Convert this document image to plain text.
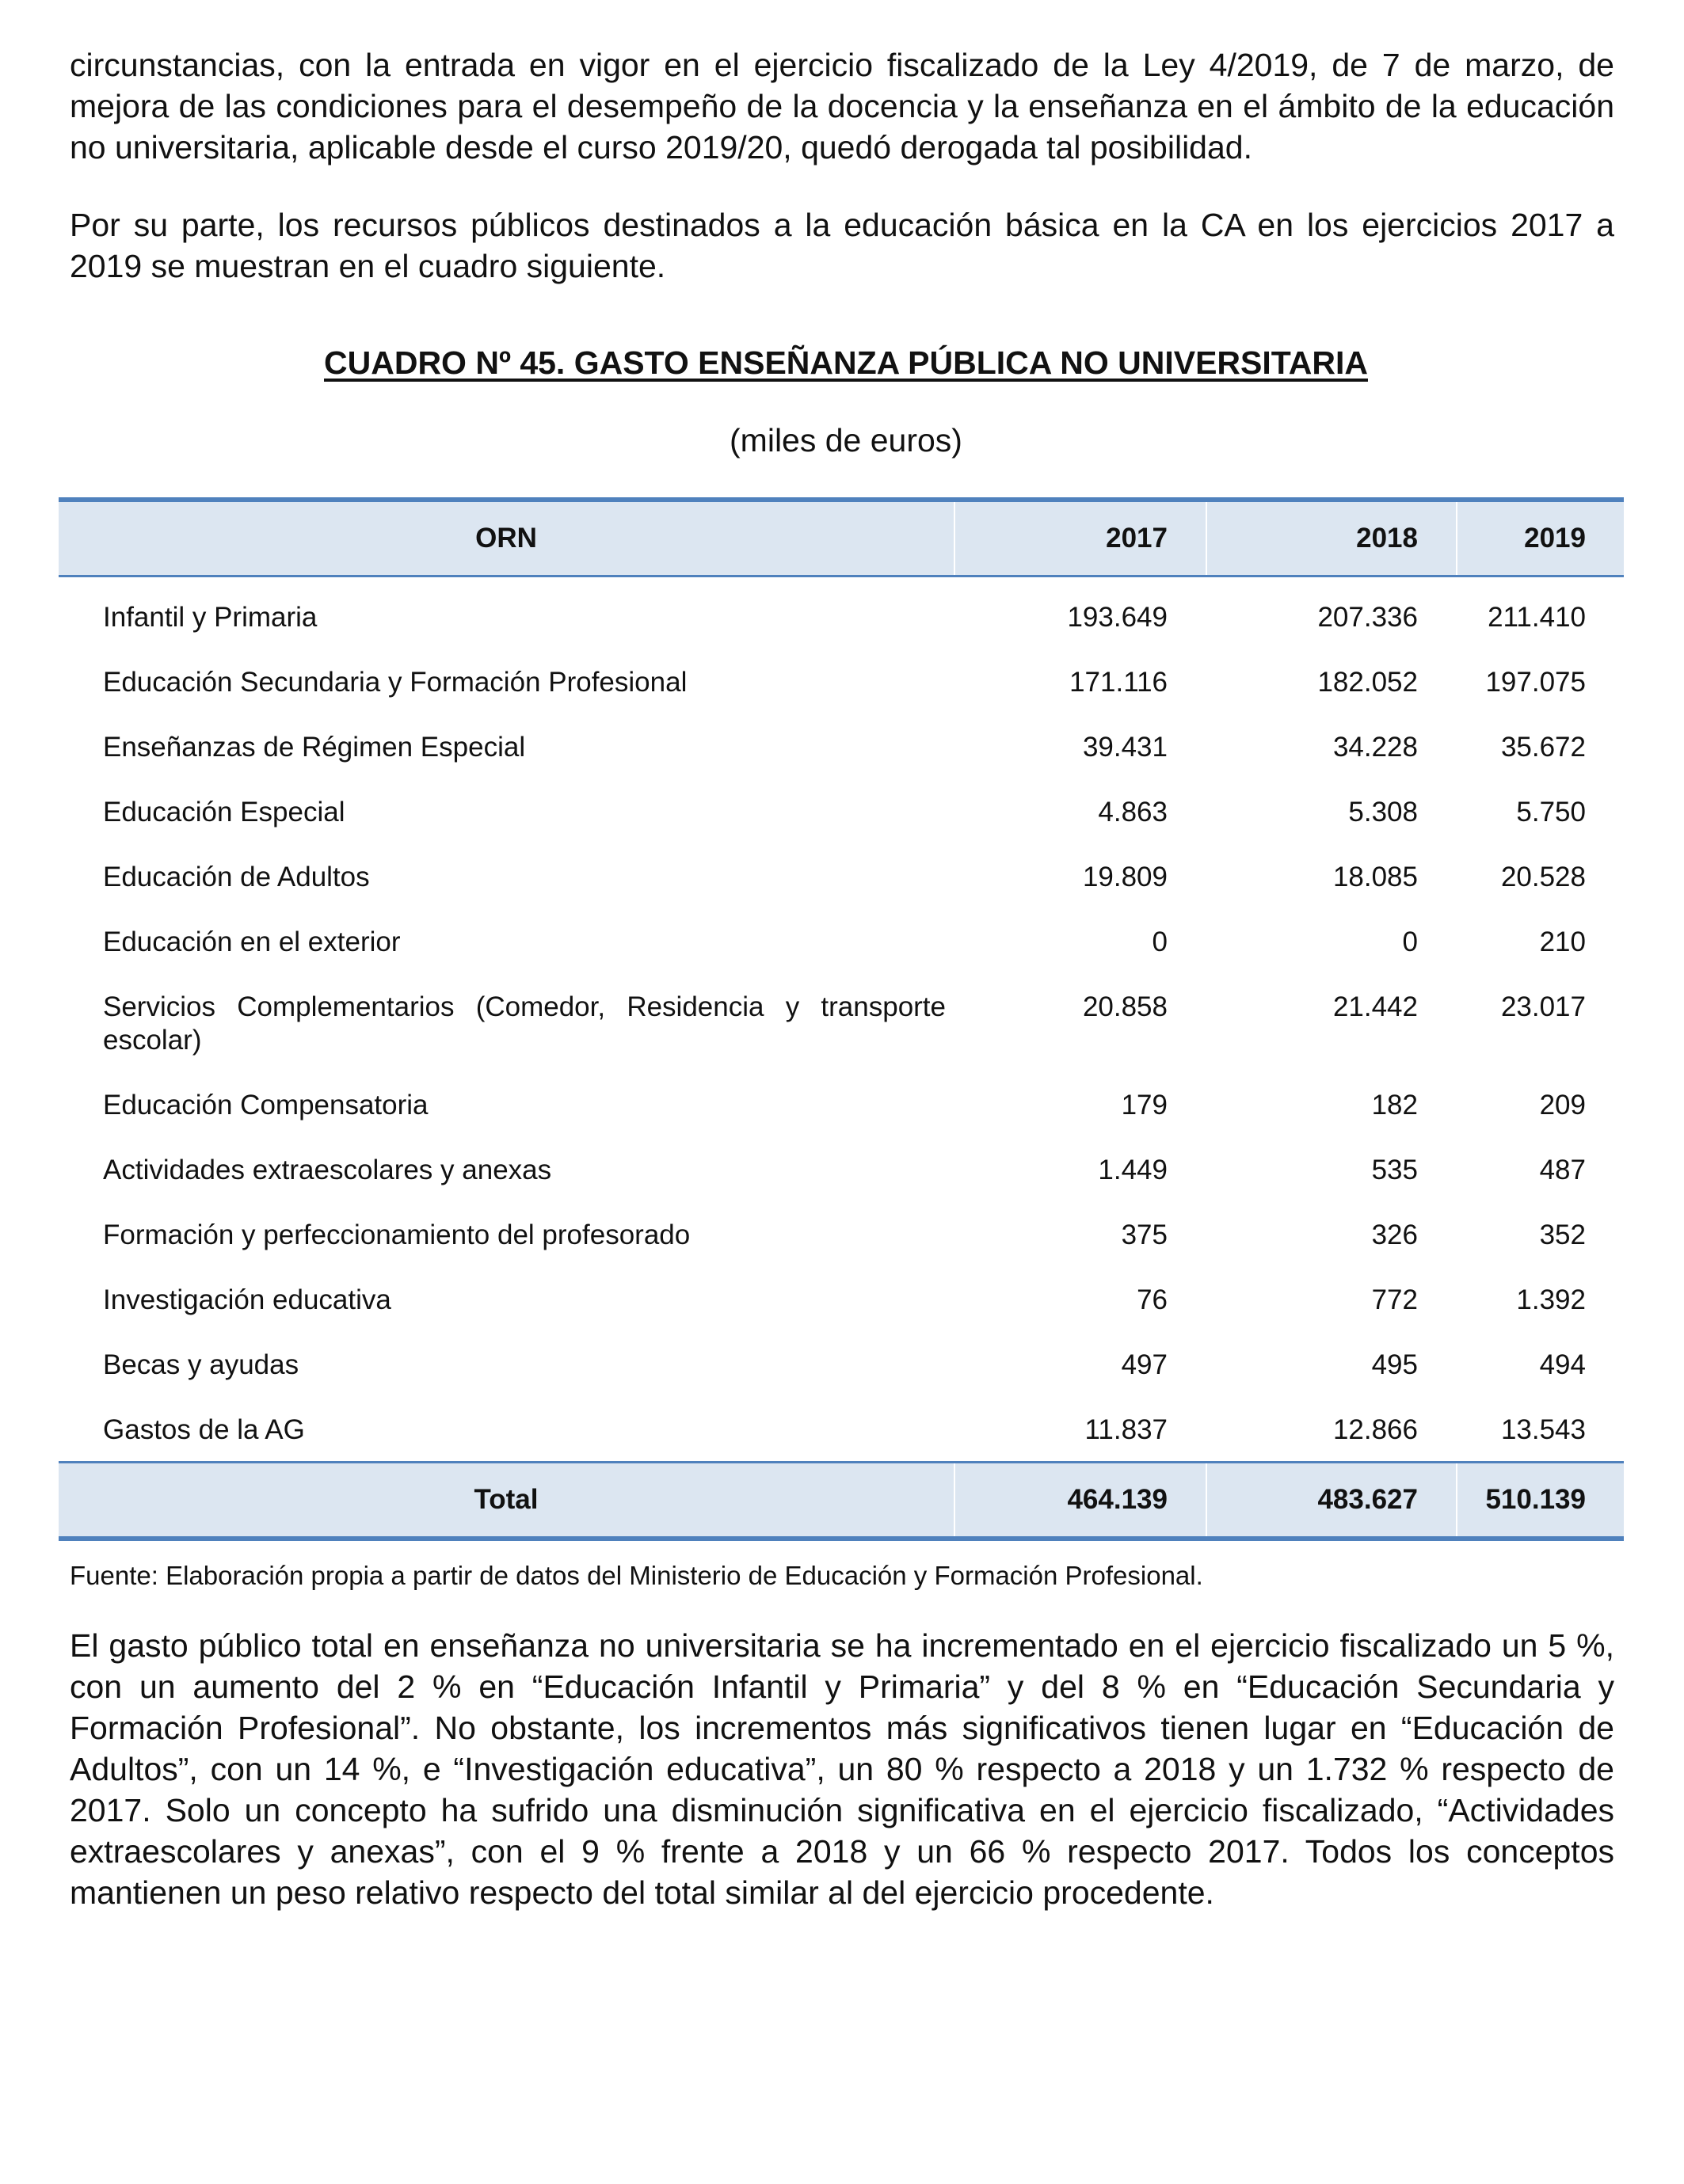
circunstancias, con la entrada en vigor en el ejercicio fiscalizado de la Ley 4/2019, de 7 de marzo, de mejora de las condiciones para el desempeño de la docencia y la enseñanza en el ámbito de la educación no universitaria, aplicable desde el curso 2019/20, quedó derogada tal posibilidad.

Por su parte, los recursos públicos destinados a la educación básica en la CA en los ejercicios 2017 a 2019 se muestran en el cuadro siguiente.

CUADRO Nº 45. GASTO ENSEÑANZA PÚBLICA NO UNIVERSITARIA
(miles de euros)
ORN	2017	2018	2019
Infantil y Primaria	193.649	207.336	211.410
Educación Secundaria y Formación Profesional	171.116	182.052	197.075
Enseñanzas de Régimen Especial	39.431	34.228	35.672
Educación Especial	4.863	5.308	5.750
Educación de Adultos	19.809	18.085	20.528
Educación en el exterior	0	0	210
Servicios Complementarios (Comedor, Residencia y transporte escolar)	20.858	21.442	23.017
Educación Compensatoria	179	182	209
Actividades extraescolares y anexas	1.449	535	487
Formación y perfeccionamiento del profesorado	375	326	352
Investigación educativa	76	772	1.392
Becas y ayudas	497	495	494
Gastos de la AG	11.837	12.866	13.543
Total	464.139	483.627	510.139
Fuente: Elaboración propia a partir de datos del Ministerio de Educación y Formación Profesional.

El gasto público total en enseñanza no universitaria se ha incrementado en el ejercicio fiscalizado un 5 %, con un aumento del 2 % en “Educación Infantil y Primaria” y del 8 % en “Educación Secundaria y Formación Profesional”. No obstante, los incrementos más significativos tienen lugar en “Educación de Adultos”, con un 14 %, e “Investigación educativa”, un 80 % respecto a 2018 y un 1.732 % respecto de 2017. Solo un concepto ha sufrido una disminución significativa en el ejercicio fiscalizado, “Actividades extraescolares y anexas”, con el 9 % frente a 2018 y un 66 % respecto 2017. Todos los conceptos mantienen un peso relativo respecto del total similar al del ejercicio procedente.
